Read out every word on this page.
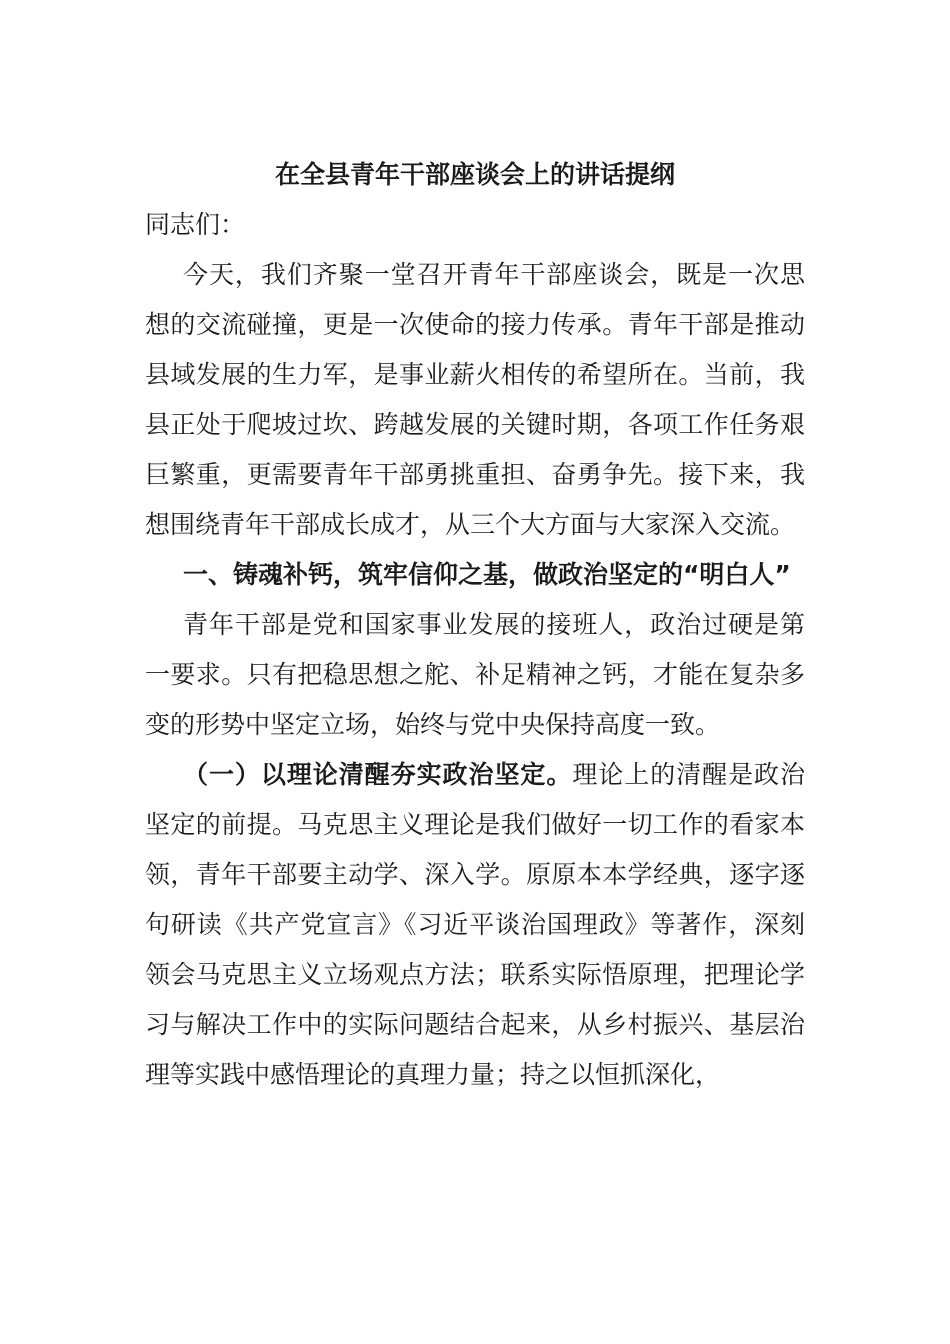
在全县青年干部座谈会上的讲话提纲

同志们：

今天，我们齐聚一堂召开青年干部座谈会，既是一次思想的交流碰撞，更是一次使命的接力传承。青年干部是推动县域发展的生力军，是事业薪火相传的希望所在。当前，我县正处于爬坡过坎、跨越发展的关键时期，各项工作任务艰巨繁重，更需要青年干部勇挑重担、奋勇争先。接下来，我想围绕青年干部成长成才，从三个大方面与大家深入交流。

一、铸魂补钙，筑牢信仰之基，做政治坚定的“明白人”

青年干部是党和国家事业发展的接班人，政治过硬是第一要求。只有把稳思想之舵、补足精神之钙，才能在复杂多变的形势中坚定立场，始终与党中央保持高度一致。

（一）以理论清醒夯实政治坚定。理论上的清醒是政治坚定的前提。马克思主义理论是我们做好一切工作的看家本领，青年干部要主动学、深入学。原原本本学经典，逐字逐句研读《共产党宣言》《习近平谈治国理政》等著作，深刻领会马克思主义立场观点方法；联系实际悟原理，把理论学习与解决工作中的实际问题结合起来，从乡村振兴、基层治理等实践中感悟理论的真理力量；持之以恒抓深化，
